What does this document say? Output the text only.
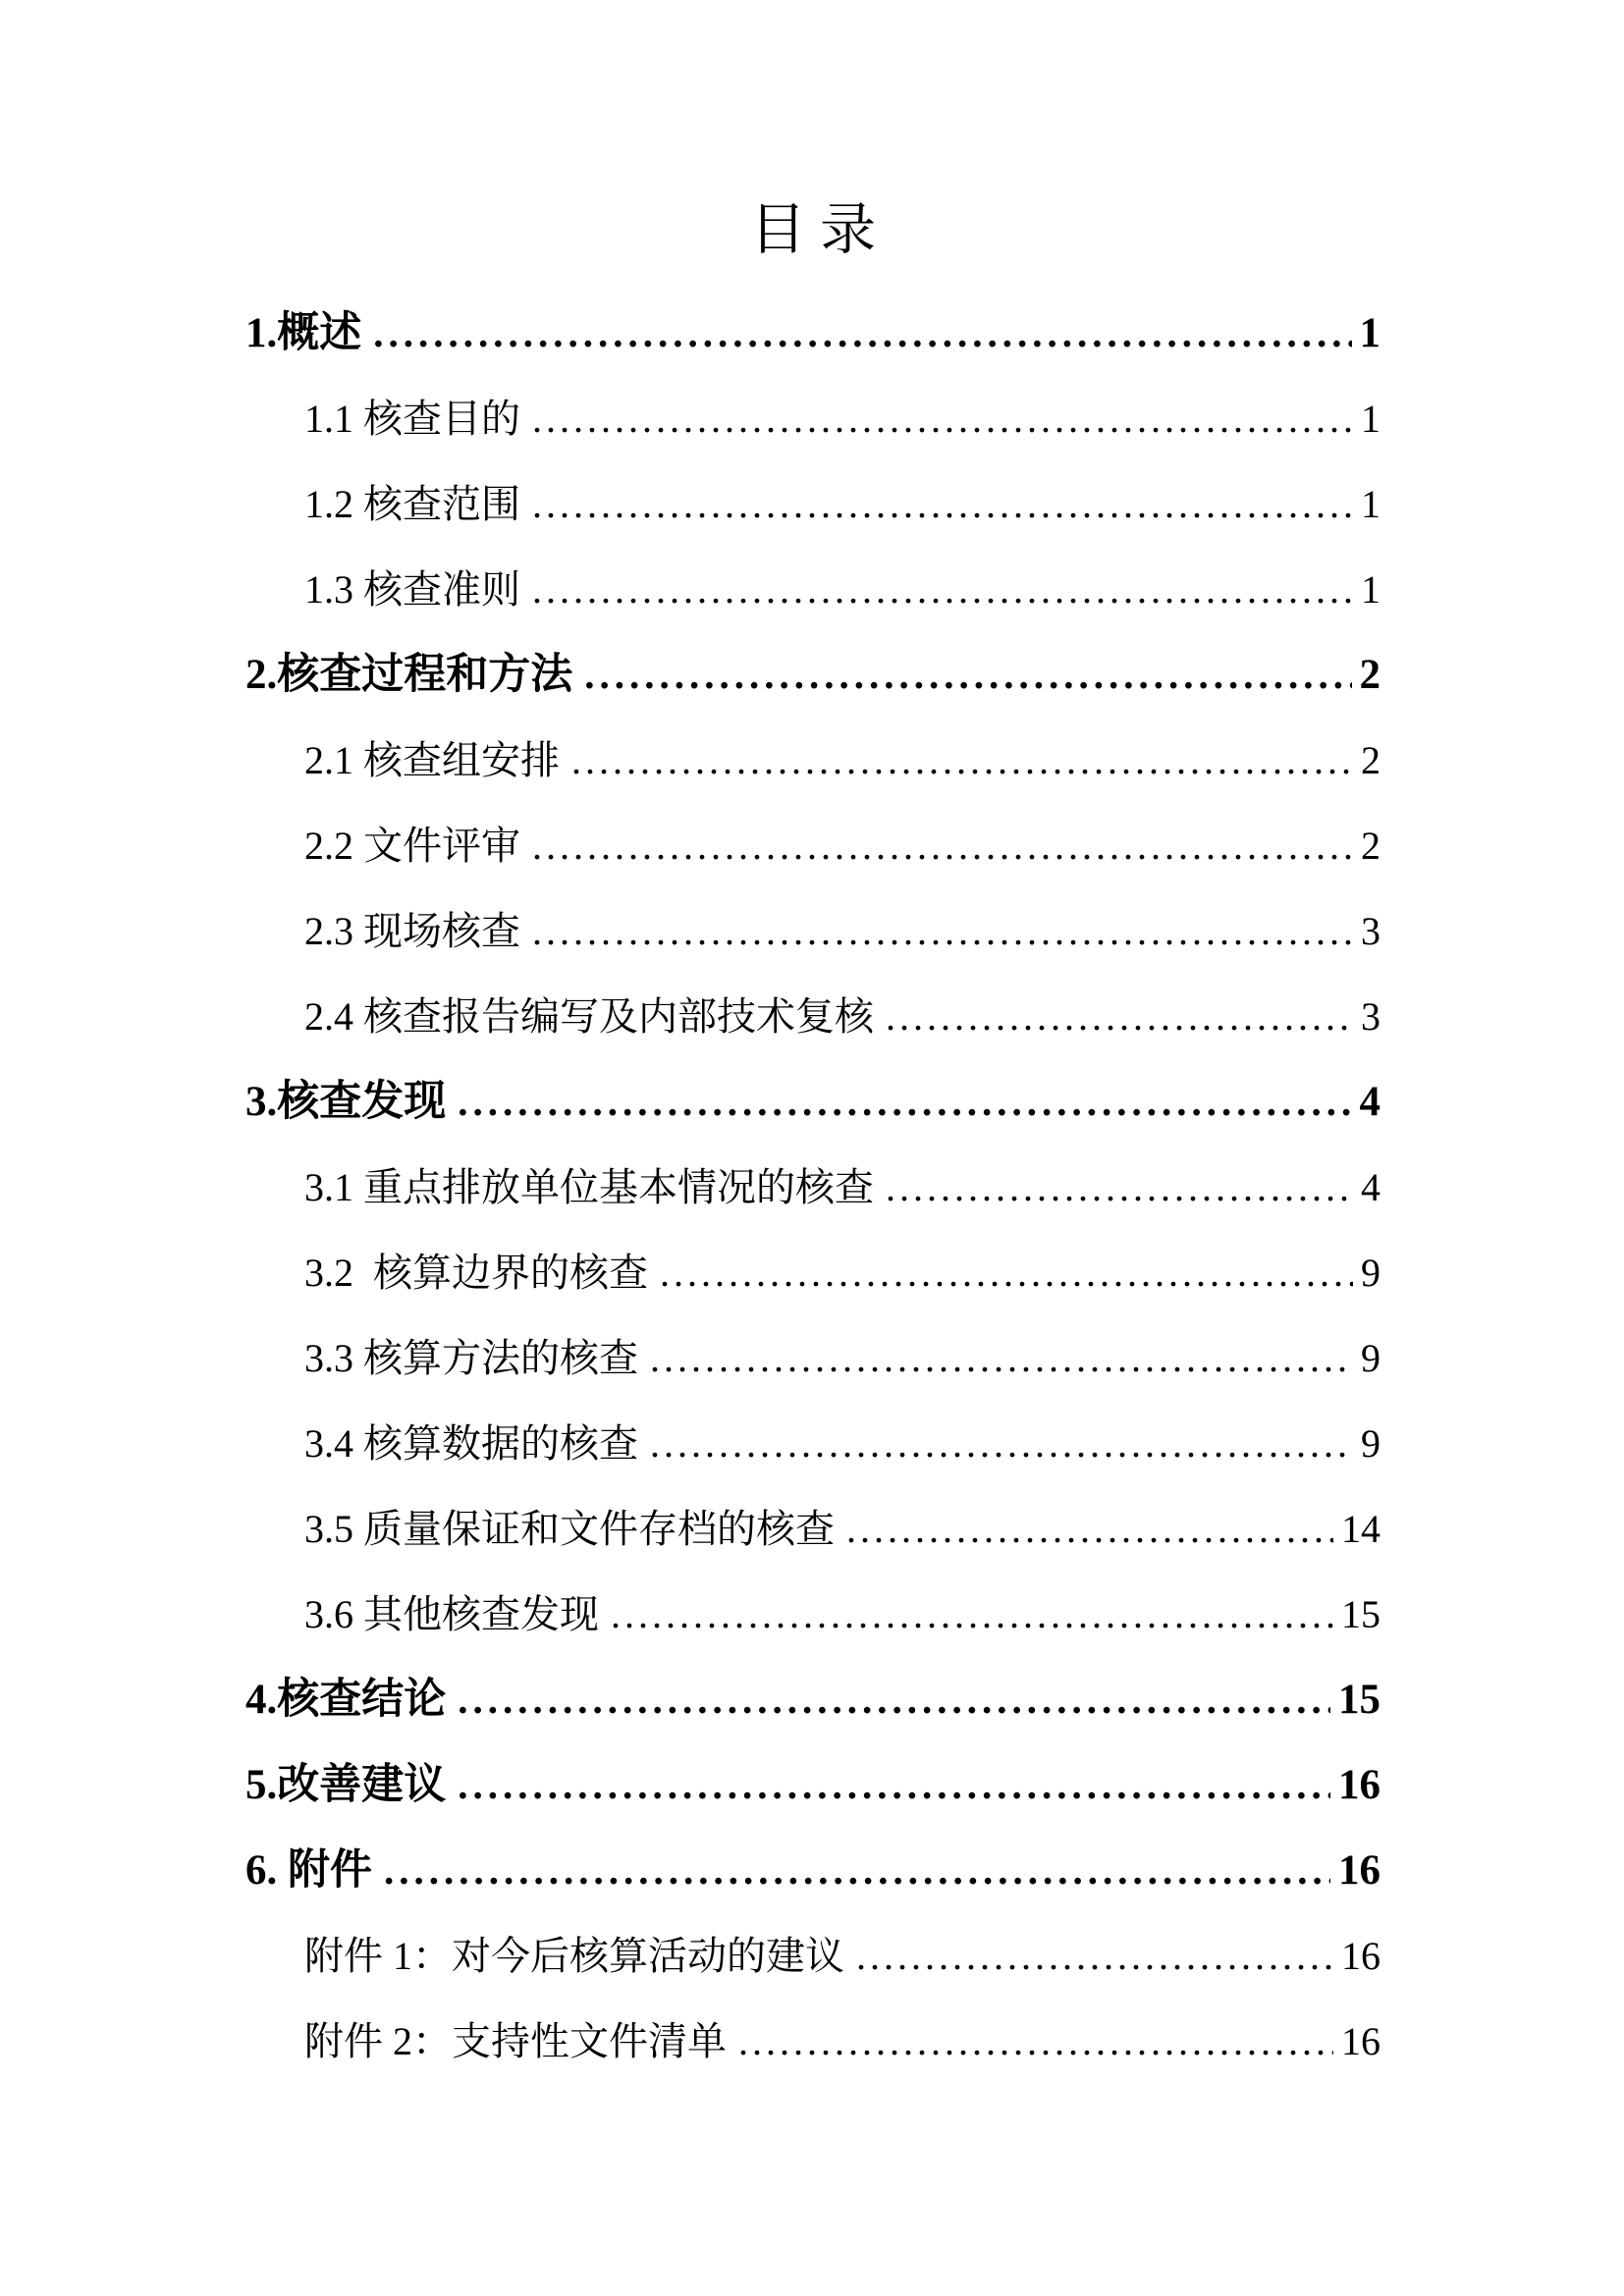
目 录
1.概述 .....	1
1.1 核查目的 .....	1
1.2 核查范围 .....	1
1.3 核查准则 .....	1
2.核查过程和方法 .....	2
2.1 核查组安排 .....	2
2.2 文件评审 .....	2
2.3 现场核查 .....	3
2.4 核查报告编写及内部技术复核 .....	3
3.核查发现 .....	4
3.1 重点排放单位基本情况的核查 .....	4
3.2  核算边界的核查 .....	9
3.3 核算方法的核查 .....	9
3.4 核算数据的核查 .....	9
3.5 质量保证和文件存档的核查 .....	14
3.6 其他核查发现 .....	15
4.核查结论 .....	15
5.改善建议 .....	16
6. 附件 .....	16
附件 1：对今后核算活动的建议 .....	16
附件 2：支持性文件清单 .....	16
